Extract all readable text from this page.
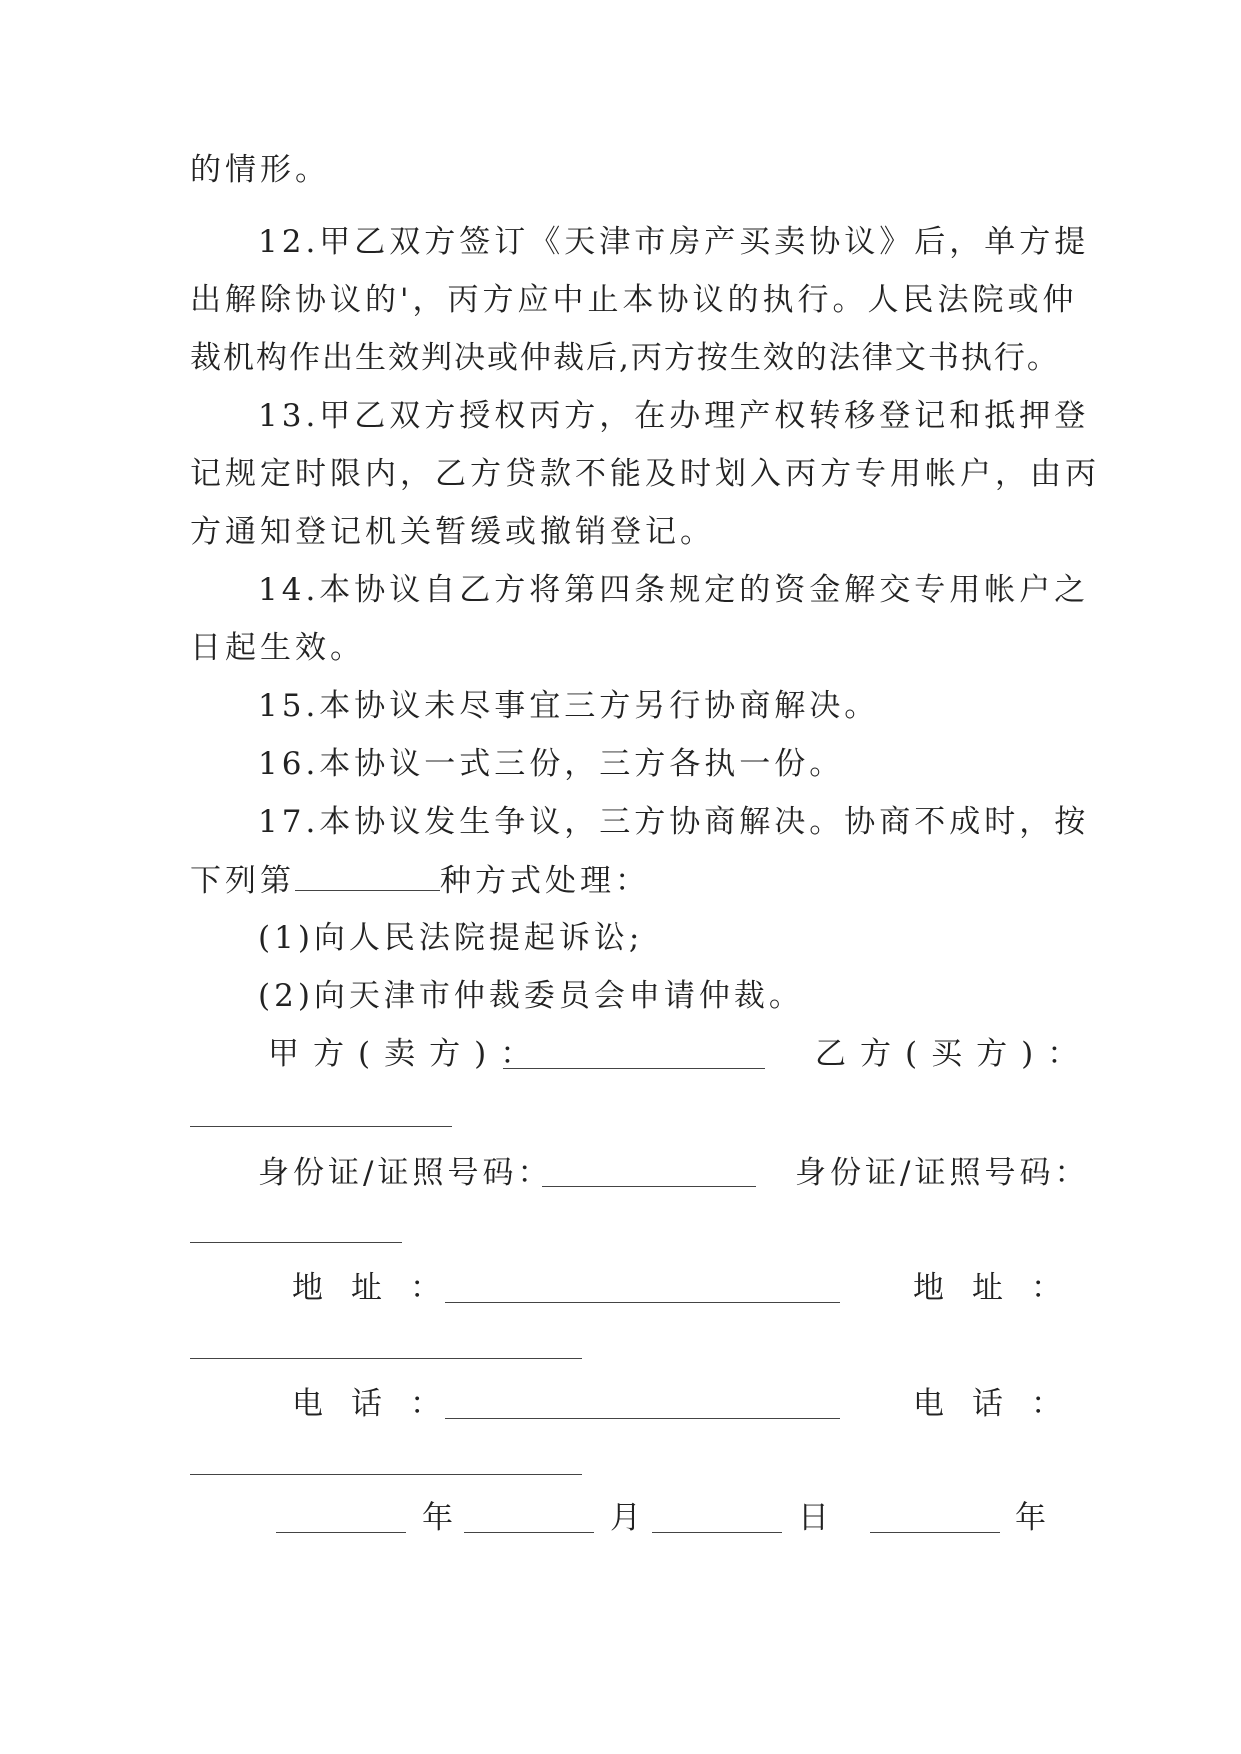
的情形。
12.甲乙双方签订《天津市房产买卖协议》后，单方提
出解除协议的'，丙方应中止本协议的执行。人民法院或仲
裁机构作出生效判决或仲裁后,丙方按生效的法律文书执行。
13.甲乙双方授权丙方，在办理产权转移登记和抵押登
记规定时限内，乙方贷款不能及时划入丙方专用帐户，由丙
方通知登记机关暂缓或撤销登记。
14.本协议自乙方将第四条规定的资金解交专用帐户之
日起生效。
15.本协议未尽事宜三方另行协商解决。
16.本协议一式三份，三方各执一份。
17.本协议发生争议，三方协商解决。协商不成时，按
下列第	种方式处理：
(1)向人民法院提起诉讼;
(2)向天津市仲裁委员会申请仲裁。
甲方(卖方)：	乙方(买方)：
身份证/证照号码：	身份证/证照号码：
地址：	地址：
电话：	电话：
年	月	日	年
